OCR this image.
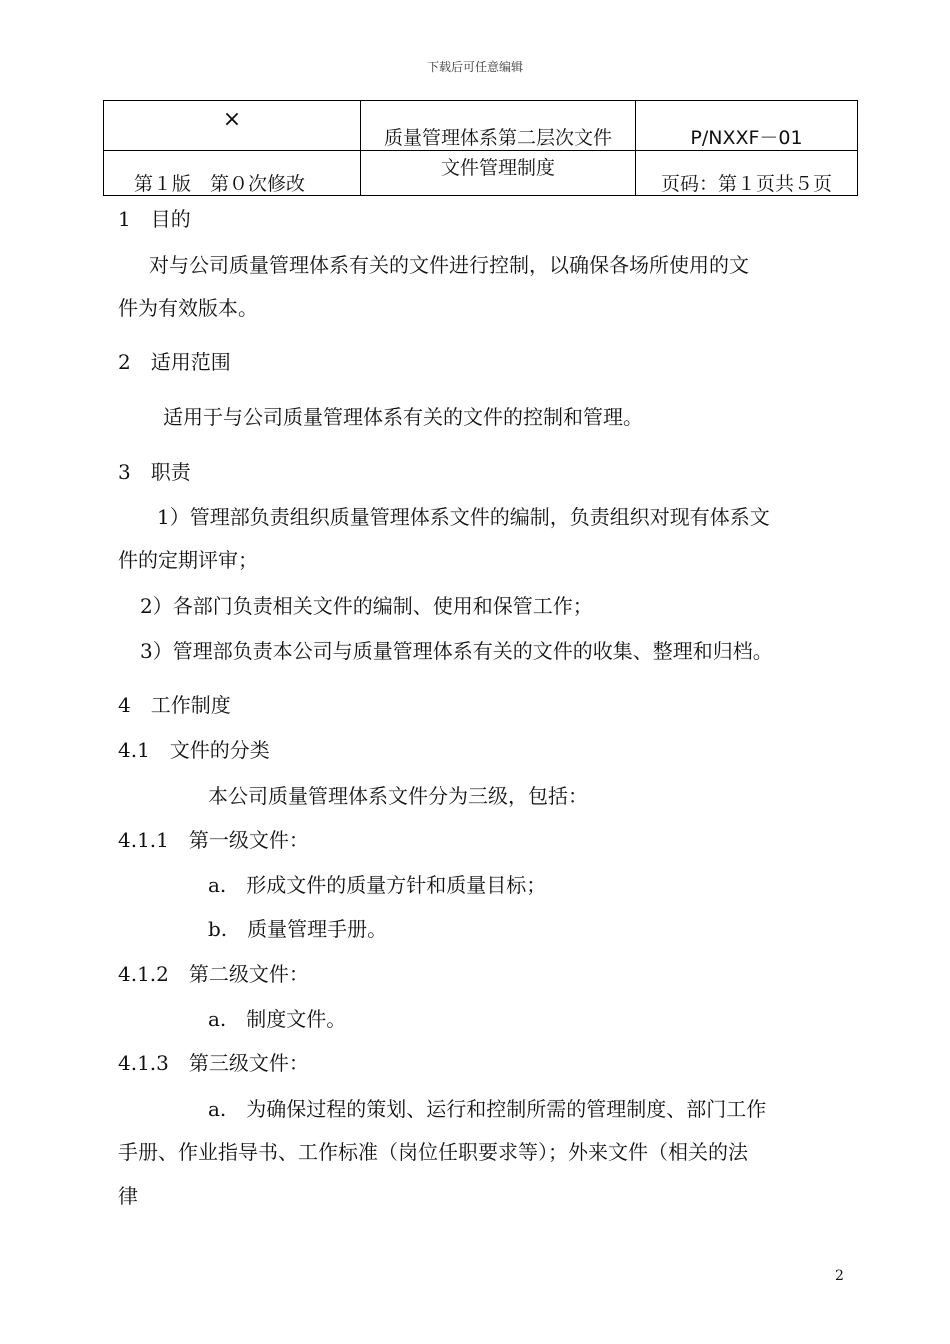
下载后可任意编辑
×	质量管理体系第二层次文件	P/NXXF－01
第１版　第０次修改	文件管理制度	页码：第１页共５页
1　目的
对与公司质量管理体系有关的文件进行控制，以确保各场所使用的文
件为有效版本。
2　适用范围
适用于与公司质量管理体系有关的文件的控制和管理。
3　职责
1）管理部负责组织质量管理体系文件的编制，负责组织对现有体系文
件的定期评审；
2）各部门负责相关文件的编制、使用和保管工作；
3）管理部负责本公司与质量管理体系有关的文件的收集、整理和归档。
4　工作制度
4.1　文件的分类
本公司质量管理体系文件分为三级，包括：
4.1.1　第一级文件：
a.　形成文件的质量方针和质量目标；
b.　质量管理手册。
4.1.2　第二级文件：
a.　制度文件。
4.1.3　第三级文件：
a.　为确保过程的策划、运行和控制所需的管理制度、部门工作
手册、作业指导书、工作标准（岗位任职要求等）；外来文件（相关的法
律
2
